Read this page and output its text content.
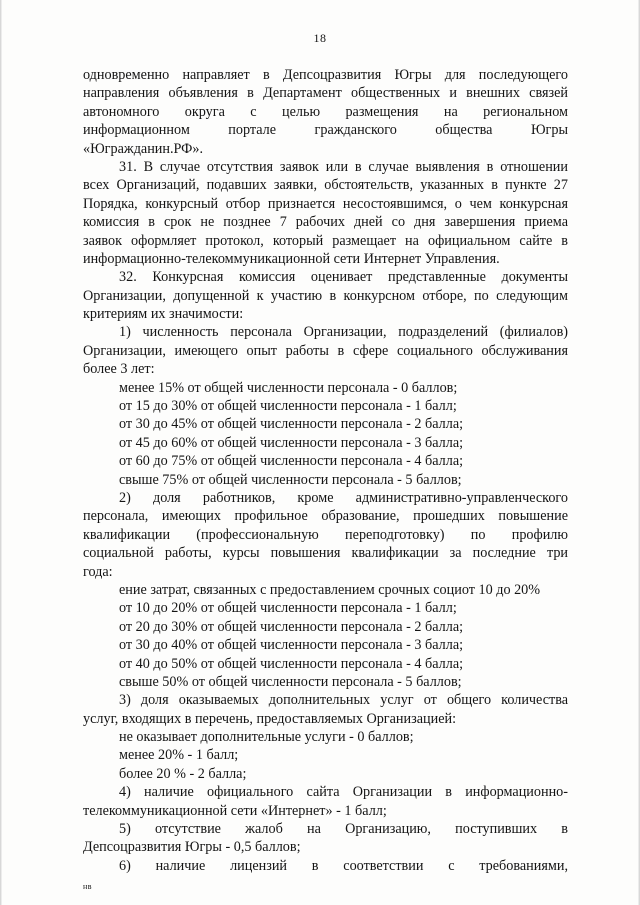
18
одновременно направляет в Депсоцразвития Югры для последующего
направления объявления в Департамент общественных и внешних связей
автономного округа с целью размещения на региональном
информационном портале гражданского общества Югры
«Югражданин.РФ».
31. В случае отсутствия заявок или в случае выявления в отношении
всех Организаций, подавших заявки, обстоятельств, указанных в пункте 27
Порядка, конкурсный отбор признается несостоявшимся, о чем конкурсная
комиссия в срок не позднее 7 рабочих дней со дня завершения приема
заявок оформляет протокол, который размещает на официальном сайте в
информационно-телекоммуникационной сети Интернет Управления.
32. Конкурсная комиссия оценивает представленные документы
Организации, допущенной к участию в конкурсном отборе, по следующим
критериям их значимости:
1) численность персонала Организации, подразделений (филиалов)
Организации, имеющего опыт работы в сфере социального обслуживания
более 3 лет:
менее 15% от общей численности персонала - 0 баллов;
от 15 до 30% от общей численности персонала - 1 балл;
от 30 до 45% от общей численности персонала - 2 балла;
от 45 до 60% от общей численности персонала - 3 балла;
от 60 до 75% от общей численности персонала - 4 балла;
свыше 75% от общей численности персонала - 5 баллов;
2) доля работников, кроме административно-управленческого
персонала, имеющих профильное образование, прошедших повышение
квалификации (профессиональную переподготовку) по профилю
социальной работы, курсы повышения квалификации за последние три
года:
ение затрат, связанных с предоставлением срочных социот 10 до 20%
от 10 до 20% от общей численности персонала - 1 балл;
от 20 до 30% от общей численности персонала - 2 балла;
от 30 до 40% от общей численности персонала - 3 балла;
от 40 до 50% от общей численности персонала - 4 балла;
свыше 50% от общей численности персонала - 5 баллов;
3) доля оказываемых дополнительных услуг от общего количества
услуг, входящих в перечень, предоставляемых Организацией:
не оказывает дополнительные услуги - 0 баллов;
менее 20% - 1 балл;
более 20 % - 2 балла;
4) наличие официального сайта Организации в информационно-
телекоммуникационной сети «Интернет» - 1 балл;
5) отсутствие жалоб на Организацию, поступивших в
Депсоцразвития Югры - 0,5 баллов;
6) наличие лицензий в соответствии с требованиями,
нв
